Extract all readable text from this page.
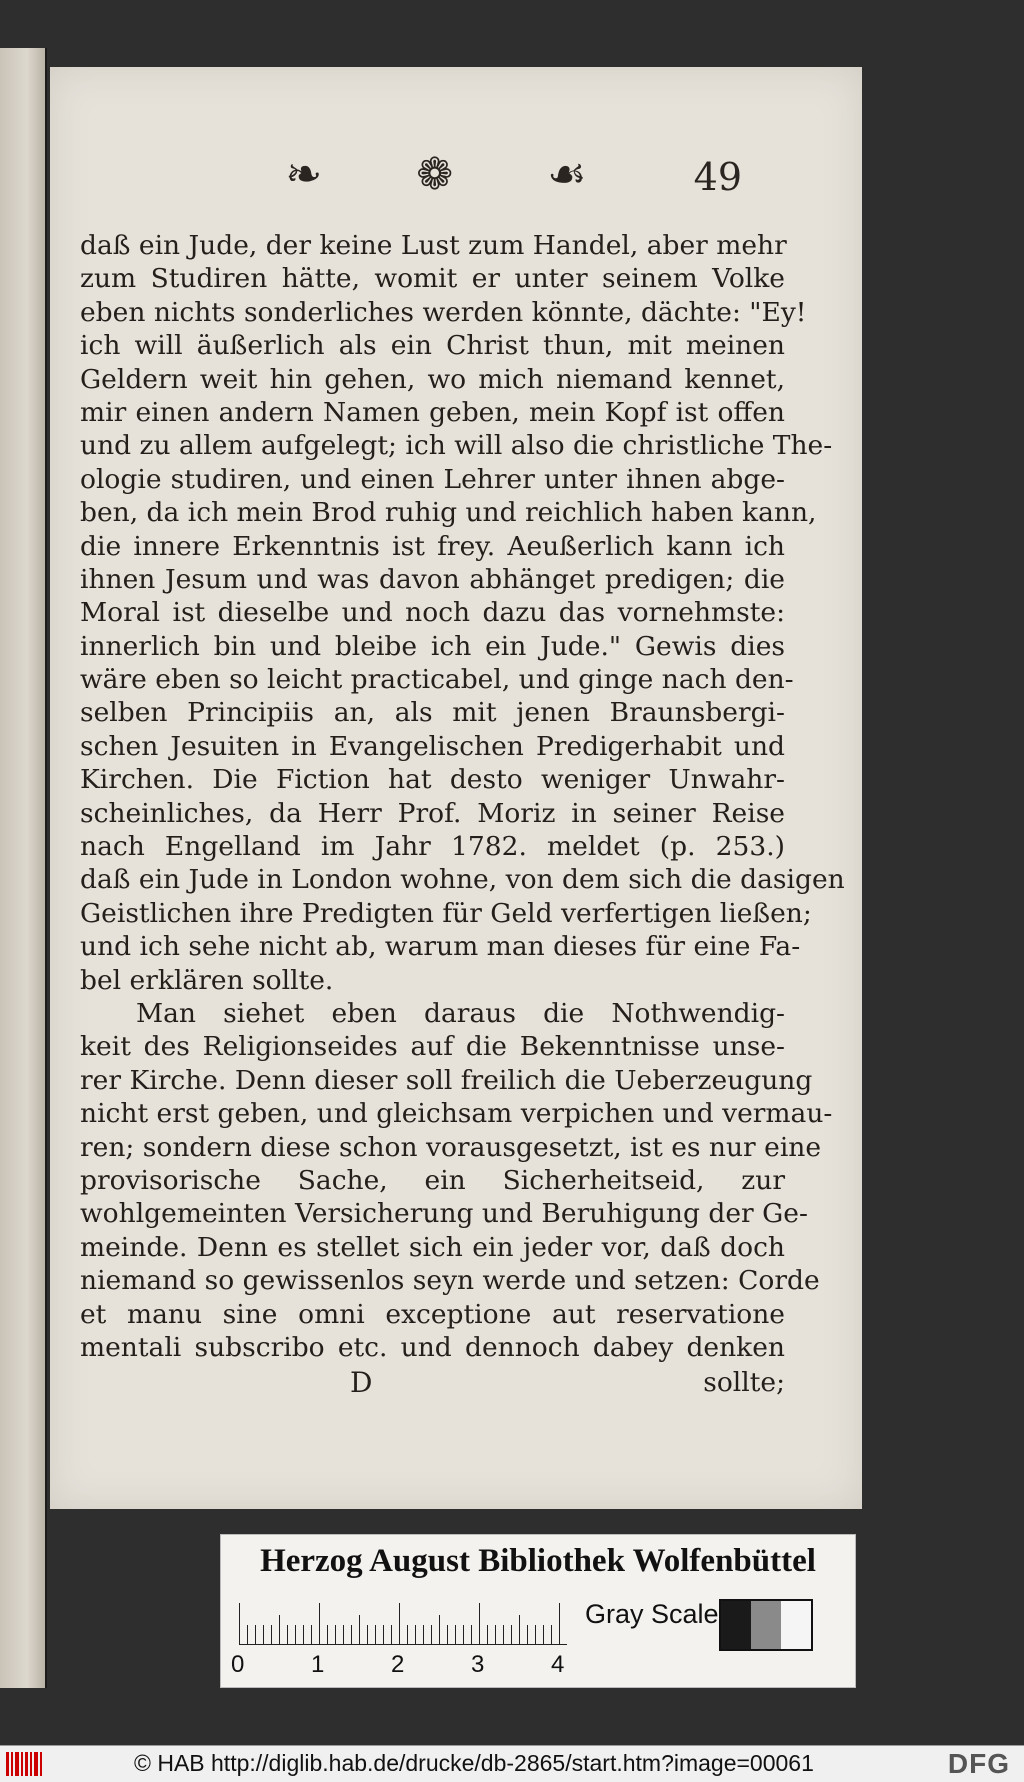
❧ ❁ ☙	49
daß ein Jude, der keine Lust zum Handel, aber mehr
zum Studiren hätte, womit er unter seinem Volke
eben nichts sonderliches werden könnte, dächte: "Ey!
ich will äußerlich als ein Christ thun, mit meinen
Geldern weit hin gehen, wo mich niemand kennet,
mir einen andern Namen geben, mein Kopf ist offen
und zu allem aufgelegt; ich will also die christliche The-
ologie studiren, und einen Lehrer unter ihnen abge-
ben, da ich mein Brod ruhig und reichlich haben kann,
die innere Erkenntnis ist frey. Aeußerlich kann ich
ihnen Jesum und was davon abhänget predigen; die
Moral ist dieselbe und noch dazu das vornehmste:
innerlich bin und bleibe ich ein Jude." Gewis dies
wäre eben so leicht practicabel, und ginge nach den-
selben Principiis an, als mit jenen Braunsbergi-
schen Jesuiten in Evangelischen Predigerhabit und
Kirchen. Die Fiction hat desto weniger Unwahr-
scheinliches, da Herr Prof. Moriz in seiner Reise
nach Engelland im Jahr 1782. meldet (p. 253.)
daß ein Jude in London wohne, von dem sich die dasigen
Geistlichen ihre Predigten für Geld verfertigen ließen;
und ich sehe nicht ab, warum man dieses für eine Fa-
bel erklären sollte.
Man siehet eben daraus die Nothwendig-
keit des Religionseides auf die Bekenntnisse unse-
rer Kirche. Denn dieser soll freilich die Ueberzeugung
nicht erst geben, und gleichsam verpichen und vermau-
ren; sondern diese schon vorausgesetzt, ist es nur eine
provisorische Sache, ein Sicherheitseid, zur
wohlgemeinten Versicherung und Beruhigung der Ge-
meinde. Denn es stellet sich ein jeder vor, daß doch
niemand so gewissenlos seyn werde und setzen: Corde
et manu sine omni exceptione aut reservatione
mentali subscribo etc. und dennoch dabey denken
D	sollte;
Herzog August Bibliothek Wolfenbüttel
0	1	2	3	4
Gray Scale
© HAB http://diglib.hab.de/drucke/db-2865/start.htm?image=00061	DFG
